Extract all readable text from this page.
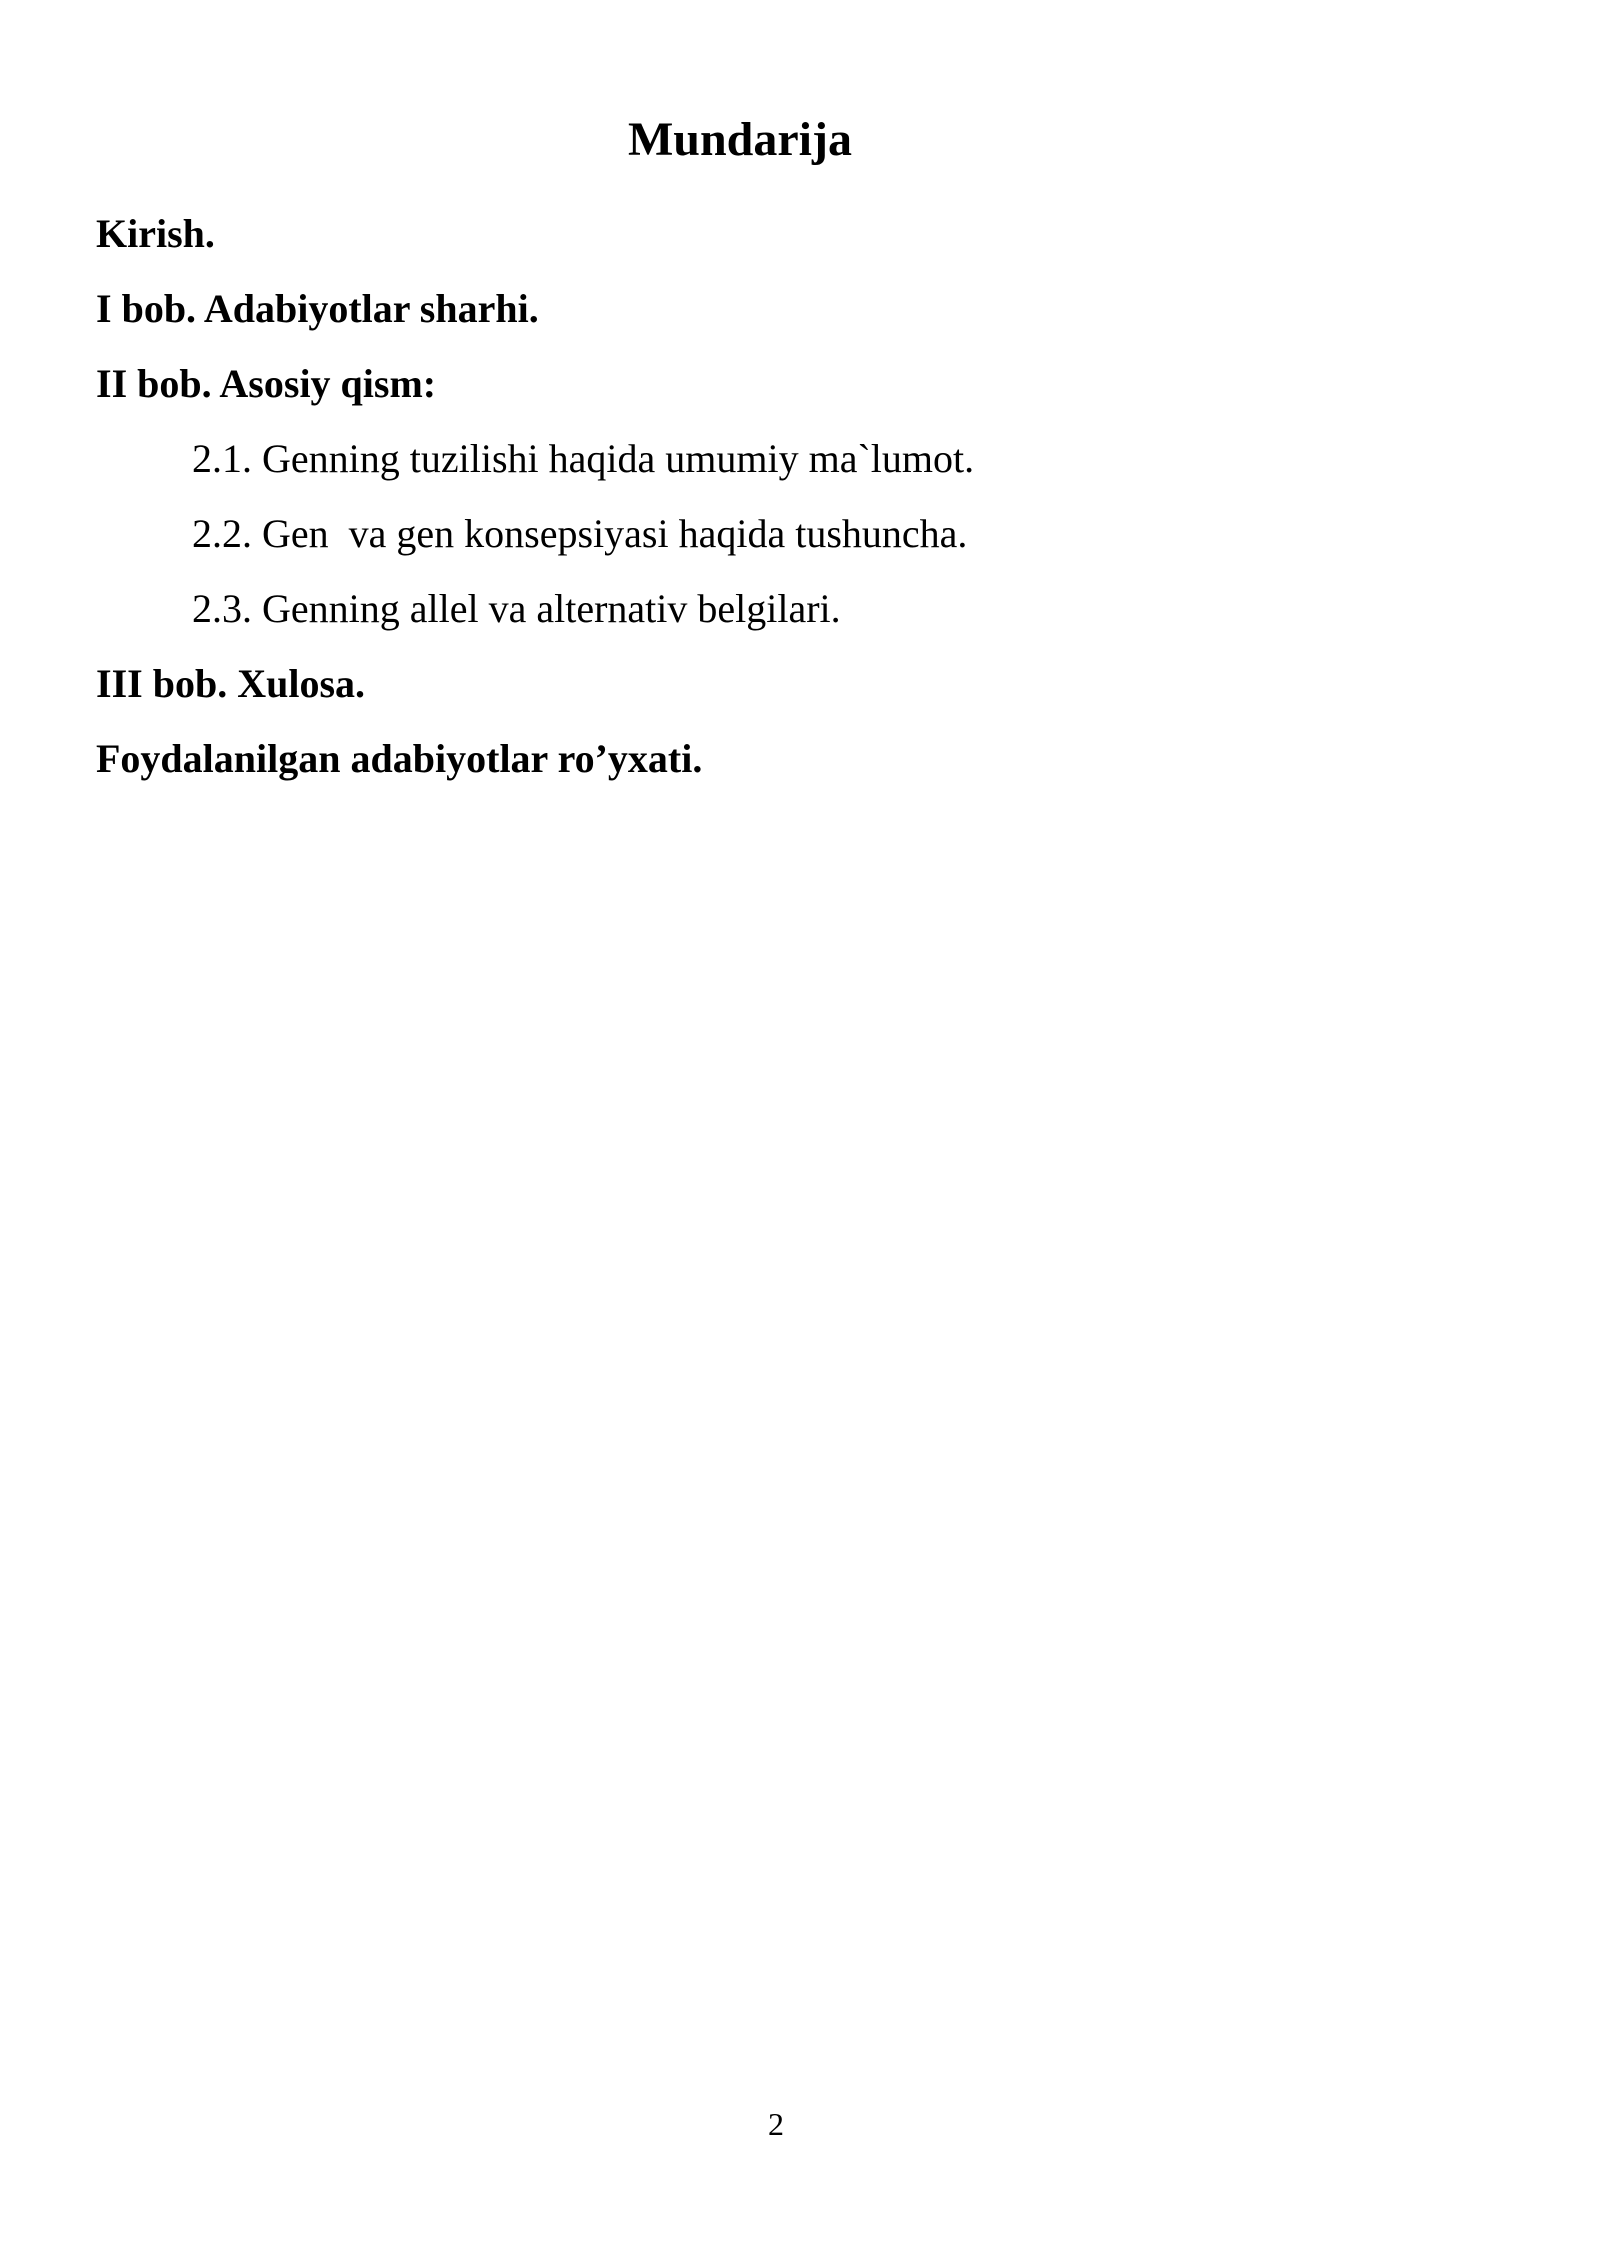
Mundarija
Kirish.
I bob. Adabiyotlar sharhi.
II bob. Asosiy qism:
2.1. Genning tuzilishi haqida umumiy ma`lumot.
2.2. Gen  va gen konsepsiyasi haqida tushuncha.
2.3. Genning allel va alternativ belgilari.
III bob. Xulosa.
Foydalanilgan adabiyotlar ro’yxati.
2
